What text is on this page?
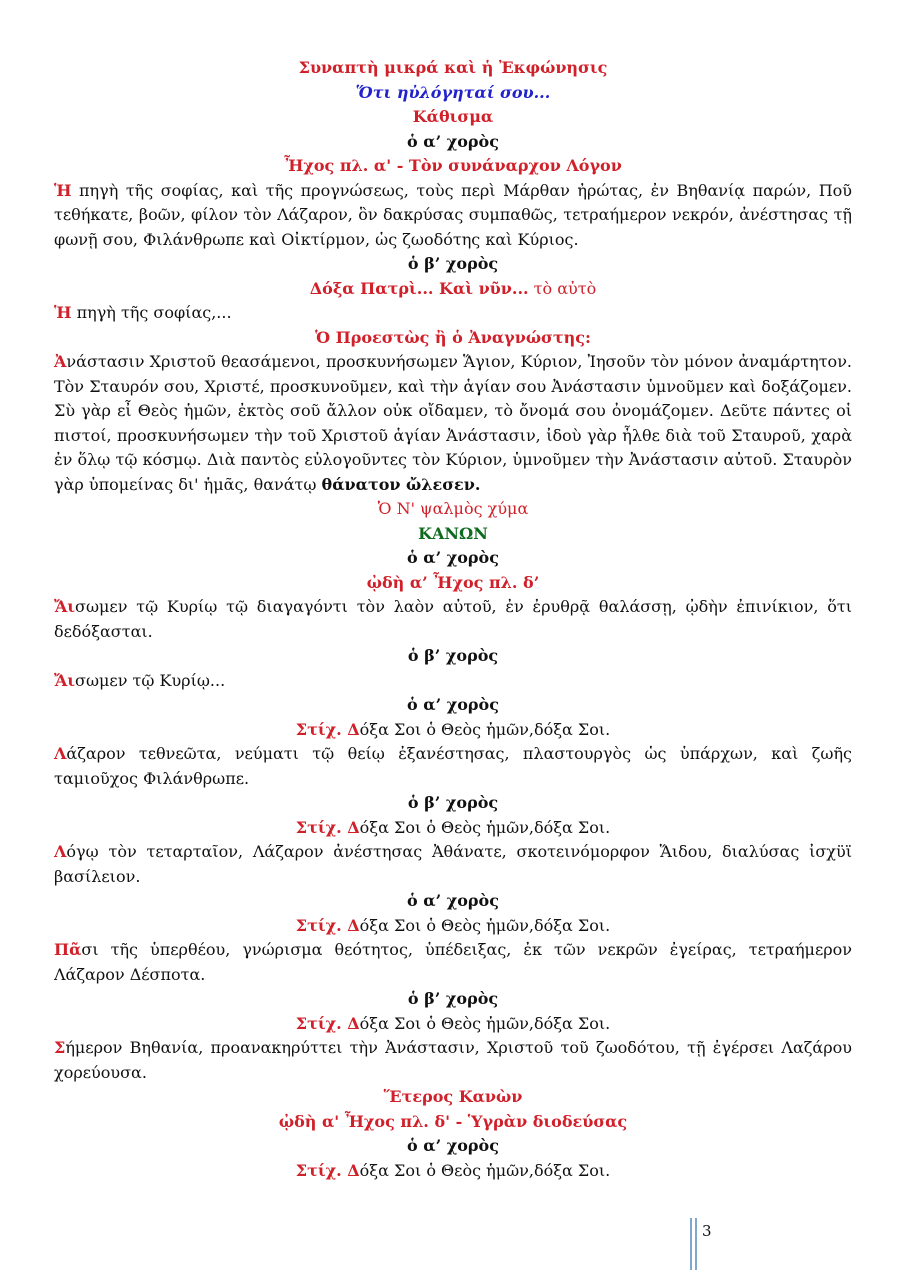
Συναπτὴ μικρά καὶ ἡ Ἐκφώνησις
Ὅτι ηὐλόγηταί σου...
Κάθισμα
ὁ α’ χορὸς
Ἦχος πλ. α' - Τὸν συνάναρχον Λόγον
Ἡ πηγὴ τῆς σοφίας, καὶ τῆς προγνώσεως, τοὺς περὶ Μάρθαν ἠρώτας, ἐν Βηθανίᾳ παρών, Ποῦ τεθήκατε, βοῶν, φίλον τὸν Λάζαρον, ὃν δακρύσας συμπαθῶς, τετραήμερον νεκρόν, ἀνέστησας τῇ φωνῇ σου, Φιλάνθρωπε καὶ Οἰκτίρμον, ὡς ζωοδότης καὶ Κύριος.
ὁ β’ χορὸς
Δόξα Πατρὶ... Καὶ νῦν... τὸ αὐτὸ
Ἡ πηγὴ τῆς σοφίας,...
Ὁ Προεστὼς ἢ ὁ Ἀναγνώστης:
Ἀνάστασιν Χριστοῦ θεασάμενοι, προσκυνήσωμεν Ἅγιον, Κύριον, Ἰησοῦν τὸν μόνον ἀναμάρτητον. Τὸν Σταυρόν σου, Χριστέ, προσκυνοῦμεν, καὶ τὴν ἁγίαν σου Ἀνάστασιν ὑμνοῦμεν καὶ δοξάζομεν. Σὺ γὰρ εἶ Θεὸς ἡμῶν, ἐκτὸς σοῦ ἄλλον οὐκ οἴδαμεν, τὸ ὄνομά σου ὀνομάζομεν. Δεῦτε πάντες οἱ πιστοί, προσκυνήσωμεν τὴν τοῦ Χριστοῦ ἁγίαν Ἀνάστασιν, ἰδοὺ γὰρ ἦλθε διὰ τοῦ Σταυροῦ, χαρὰ ἐν ὅλῳ τῷ κόσμῳ. Διὰ παντὸς εὐλογοῦντες τὸν Κύριον, ὑμνοῦμεν τὴν Ἀνάστασιν αὐτοῦ. Σταυρὸν γὰρ ὑπομείνας δι' ἡμᾶς, θανάτῳ θάνατον ὤλεσεν.
Ὁ Ν' ψαλμὸς χύμα
ΚΑΝΩΝ
ὁ α’ χορὸς
ᾠδὴ α’ Ἦχος πλ. δ’
Ἄισωμεν τῷ Κυρίῳ τῷ διαγαγόντι τὸν λαὸν αὐτοῦ, ἐν ἐρυθρᾷ θαλάσσῃ, ᾠδὴν ἐπινίκιον, ὅτι δεδόξασται.
ὁ β’ χορὸς
Ἄισωμεν τῷ Κυρίῳ...
ὁ α’ χορὸς
Στίχ. Δόξα Σοι ὁ Θεὸς ἡμῶν,δόξα Σοι.
Λάζαρον τεθνεῶτα, νεύματι τῷ θείῳ ἐξανέστησας, πλαστουργὸς ὡς ὑπάρχων, καὶ ζωῆς ταμιοῦχος Φιλάνθρωπε.
ὁ β’ χορὸς
Στίχ. Δόξα Σοι ὁ Θεὸς ἡμῶν,δόξα Σοι.
Λόγῳ τὸν τεταρταῖον, Λάζαρον ἀνέστησας Ἀθάνατε, σκοτεινόμορφον Ἅιδου, διαλύσας ἰσχϋϊ βασίλειον.
ὁ α’ χορὸς
Στίχ. Δόξα Σοι ὁ Θεὸς ἡμῶν,δόξα Σοι.
Πᾶσι τῆς ὑπερθέου, γνώρισμα θεότητος, ὑπέδειξας, ἐκ τῶν νεκρῶν ἐγείρας, τετραήμερον Λάζαρον Δέσποτα.
ὁ β’ χορὸς
Στίχ. Δόξα Σοι ὁ Θεὸς ἡμῶν,δόξα Σοι.
Σήμερον Βηθανία, προανακηρύττει τὴν Ἀνάστασιν, Χριστοῦ τοῦ ζωοδότου, τῇ ἐγέρσει Λαζάρου χορεύουσα.
Ἕτερος Κανὼν
ᾠδὴ α' Ἦχος πλ. δ' - Ὑγρὰν διοδεύσας
ὁ α’ χορὸς
Στίχ. Δόξα Σοι ὁ Θεὸς ἡμῶν,δόξα Σοι.
3
